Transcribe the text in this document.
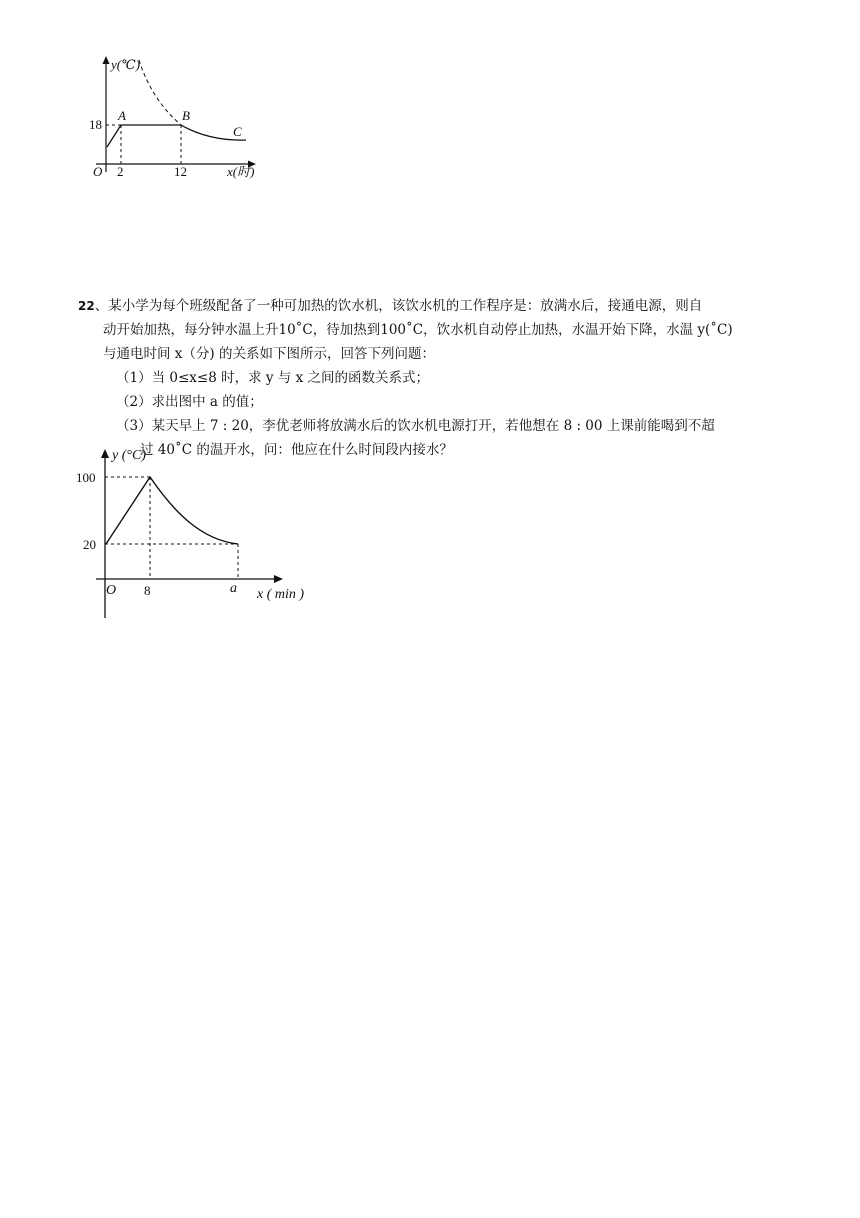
y(℃)
18
A	B
C
O 2	12	x(时)
22、某小学为每个班级配备了一种可加热的饮水机，该饮水机的工作程序是：放满水后，接通电源，则自
动开始加热，每分钟水温上升10˚C，待加热到100˚C，饮水机自动停止加热，水温开始下降，水温 y(˚C)
与通电时间 x（分) 的关系如下图所示，回答下列问题：
（1）当 0≤x≤8 时，求 y 与 x 之间的函数关系式；
（2）求出图中 a 的值；
（3）某天早上 7 : 20，李优老师将放满水后的饮水机电源打开，若他想在 8 : 00 上课前能喝到不超
过 40˚C 的温开水，问：他应在什么时间段内接水？
y (°C)
100
20
O 8	a x ( min )
